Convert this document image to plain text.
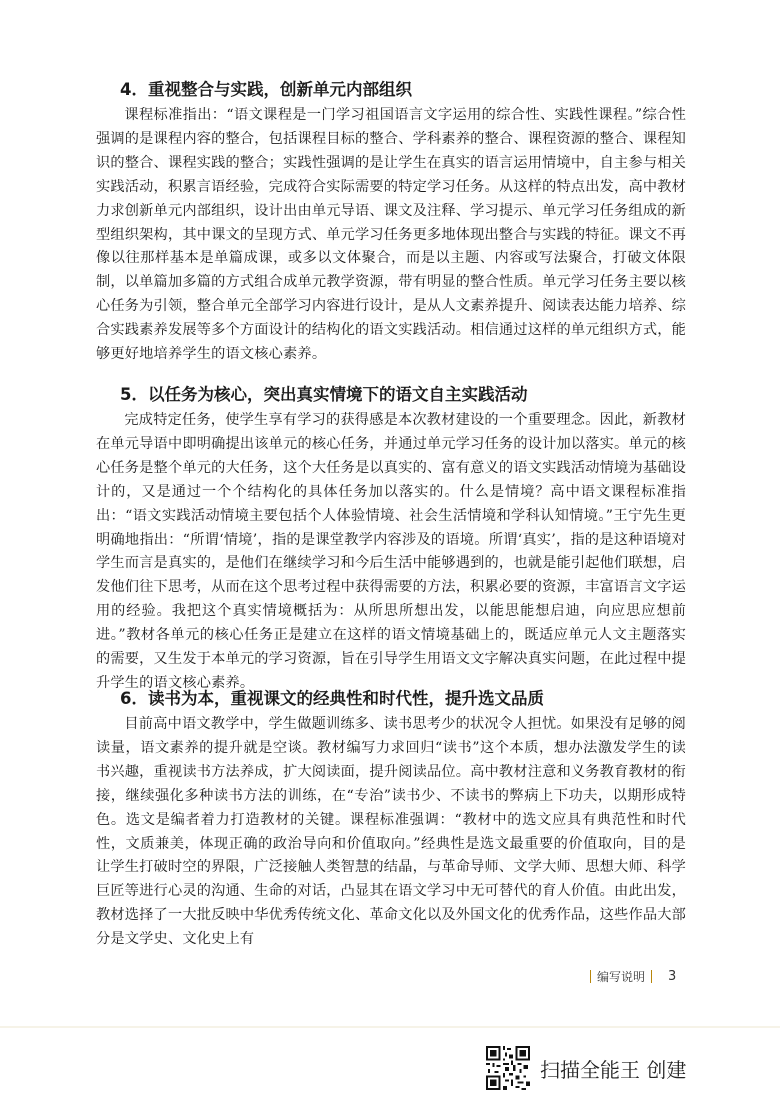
4．重视整合与实践，创新单元内部组织

课程标准指出：“语文课程是一门学习祖国语言文字运用的综合性、实践性课程。”综合性强调的是课程内容的整合，包括课程目标的整合、学科素养的整合、课程资源的整合、课程知识的整合、课程实践的整合；实践性强调的是让学生在真实的语言运用情境中，自主参与相关实践活动，积累言语经验，完成符合实际需要的特定学习任务。从这样的特点出发，高中教材力求创新单元内部组织，设计出由单元导语、课文及注释、学习提示、单元学习任务组成的新型组织架构，其中课文的呈现方式、单元学习任务更多地体现出整合与实践的特征。课文不再像以往那样基本是单篇成课，或多以文体聚合，而是以主题、内容或写法聚合，打破文体限制，以单篇加多篇的方式组合成单元教学资源，带有明显的整合性质。单元学习任务主要以核心任务为引领，整合单元全部学习内容进行设计，是从人文素养提升、阅读表达能力培养、综合实践素养发展等多个方面设计的结构化的语文实践活动。相信通过这样的单元组织方式，能够更好地培养学生的语文核心素养。

5．以任务为核心，突出真实情境下的语文自主实践活动

完成特定任务，使学生享有学习的获得感是本次教材建设的一个重要理念。因此，新教材在单元导语中即明确提出该单元的核心任务，并通过单元学习任务的设计加以落实。单元的核心任务是整个单元的大任务，这个大任务是以真实的、富有意义的语文实践活动情境为基础设计的，又是通过一个个结构化的具体任务加以落实的。什么是情境？高中语文课程标准指出：“语文实践活动情境主要包括个人体验情境、社会生活情境和学科认知情境。”王宁先生更明确地指出：“所谓‘情境’，指的是课堂教学内容涉及的语境。所谓‘真实’，指的是这种语境对学生而言是真实的，是他们在继续学习和今后生活中能够遇到的，也就是能引起他们联想，启发他们往下思考，从而在这个思考过程中获得需要的方法，积累必要的资源，丰富语言文字运用的经验。我把这个真实情境概括为：从所思所想出发，以能思能想启迪，向应思应想前进。”教材各单元的核心任务正是建立在这样的语文情境基础上的，既适应单元人文主题落实的需要，又生发于本单元的学习资源，旨在引导学生用语文文字解决真实问题，在此过程中提升学生的语文核心素养。

6．读书为本，重视课文的经典性和时代性，提升选文品质

目前高中语文教学中，学生做题训练多、读书思考少的状况令人担忧。如果没有足够的阅读量，语文素养的提升就是空谈。教材编写力求回归“读书”这个本质，想办法激发学生的读书兴趣，重视读书方法养成，扩大阅读面，提升阅读品位。高中教材注意和义务教育教材的衔接，继续强化多种读书方法的训练，在“专治”读书少、不读书的弊病上下功夫，以期形成特色。选文是编者着力打造教材的关键。课程标准强调：“教材中的选文应具有典范性和时代性，文质兼美，体现正确的政治导向和价值取向。”经典性是选文最重要的价值取向，目的是让学生打破时空的界限，广泛接触人类智慧的结晶，与革命导师、文学大师、思想大师、科学巨匠等进行心灵的沟通、生命的对话，凸显其在语文学习中无可替代的育人价值。由此出发，教材选择了一大批反映中华优秀传统文化、革命文化以及外国文化的优秀作品，这些作品大部分是文学史、文化史上有

编写说明 3
扫描全能王 创建
